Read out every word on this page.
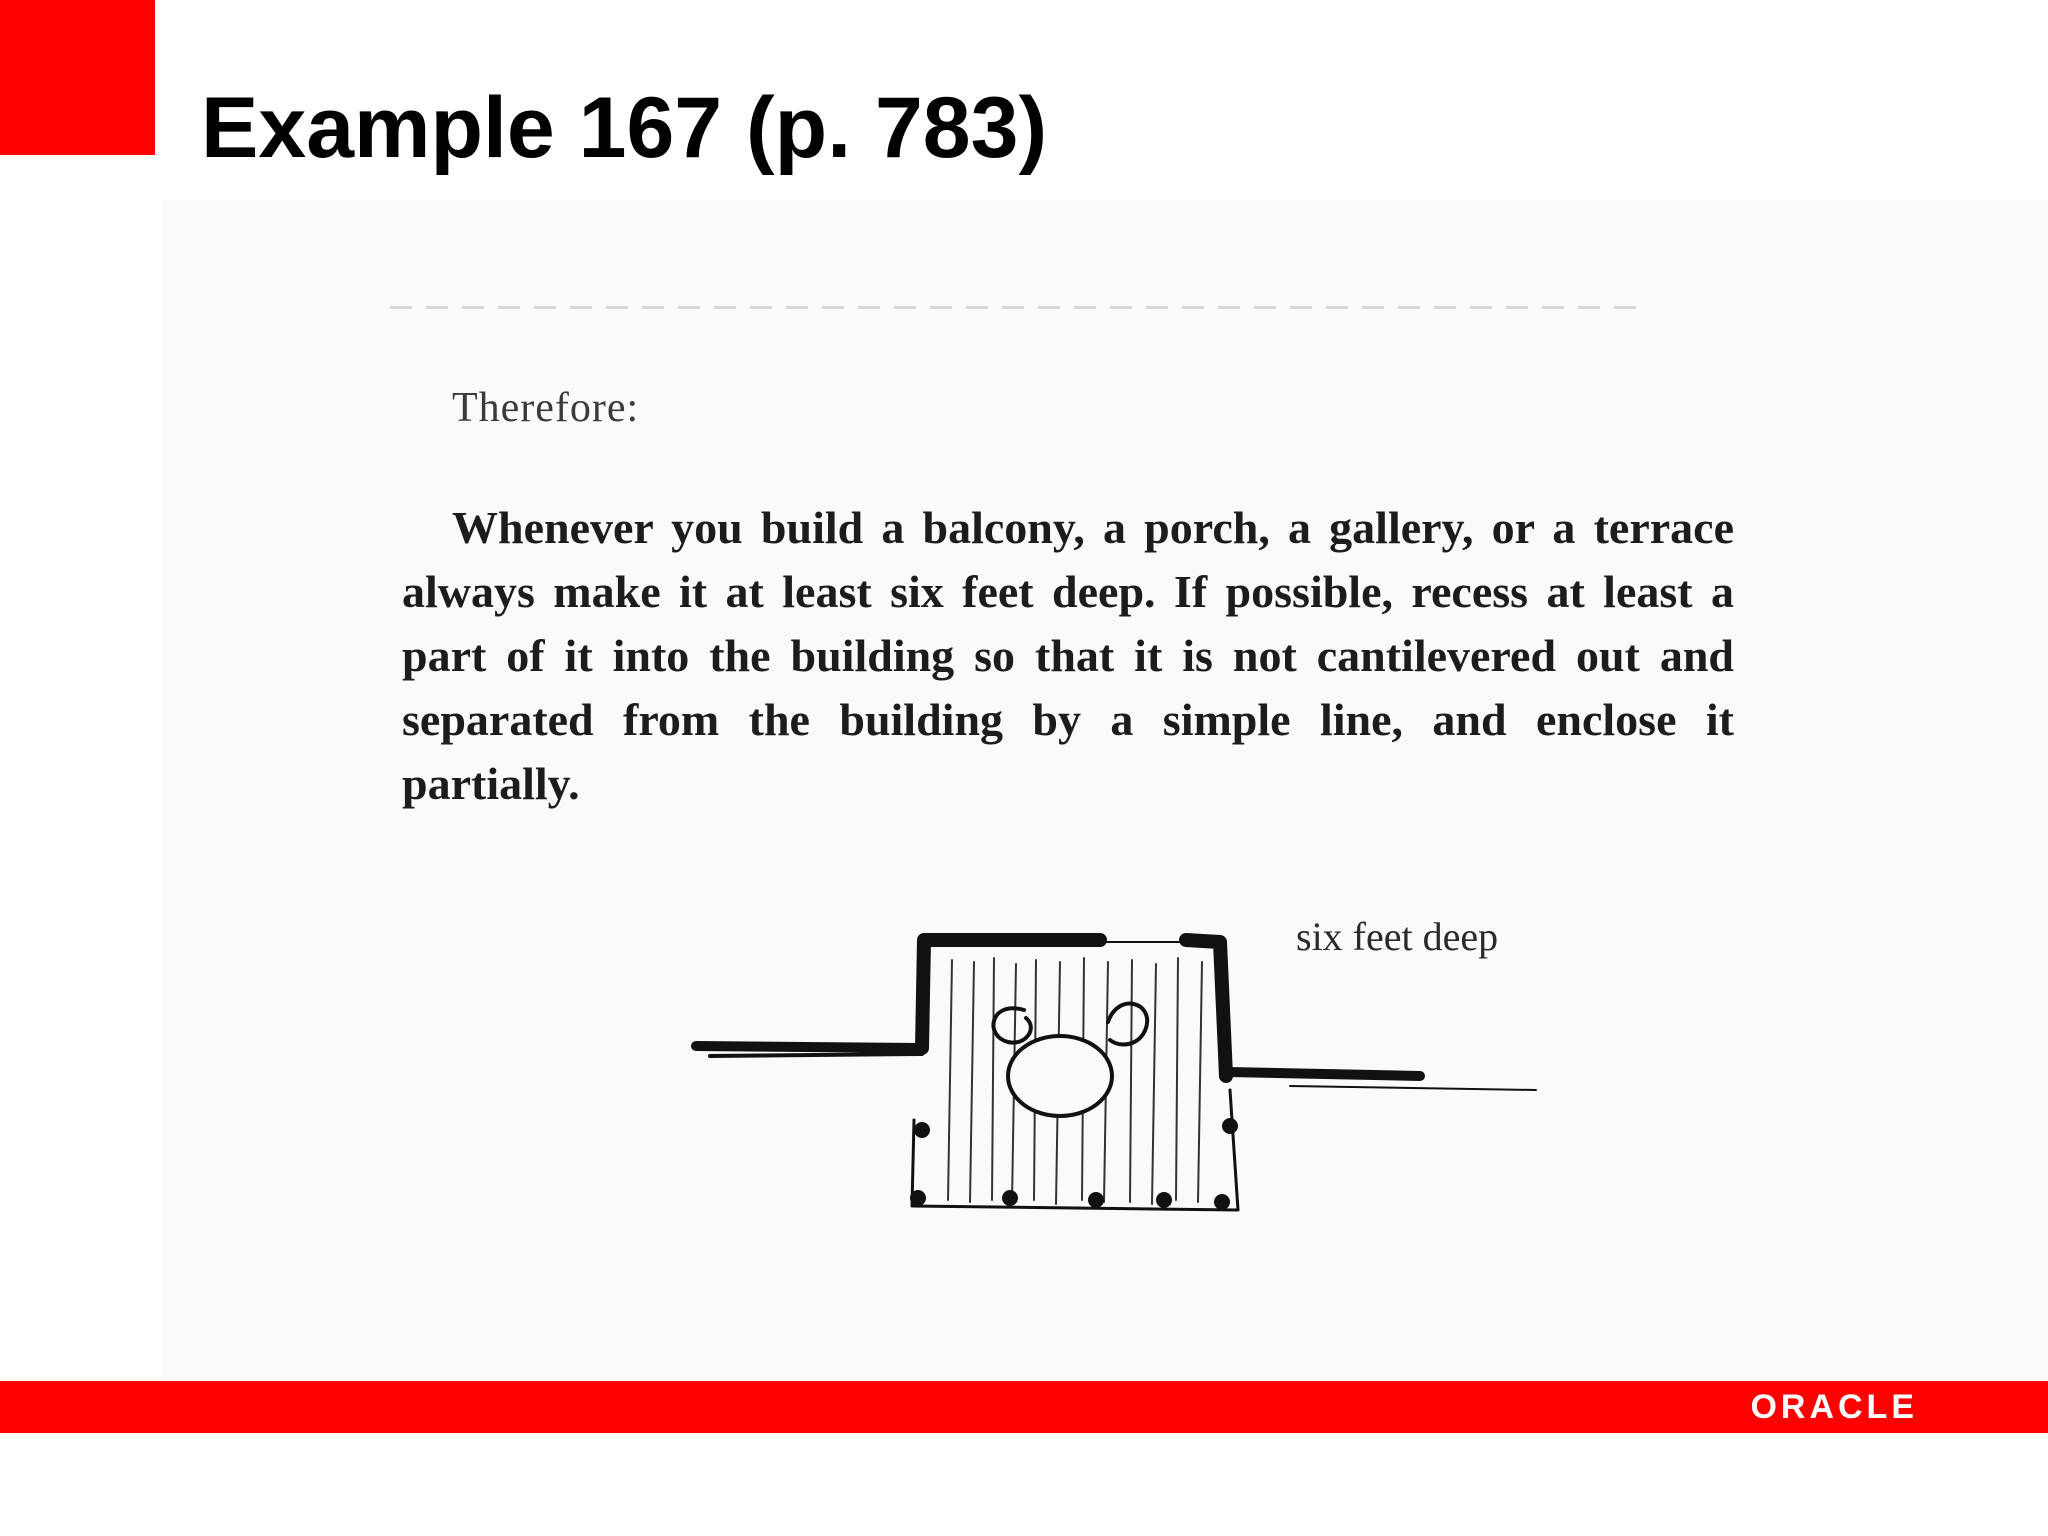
Example 167 (p. 783)

Therefore:

Whenever you build a balcony, a porch, a gallery, or a terrace always make it at least six feet deep. If possible, recess at least a part of it into the building so that it is not cantilevered out and separated from the building by a simple line, and enclose it partially.

six feet deep

ORACLE
